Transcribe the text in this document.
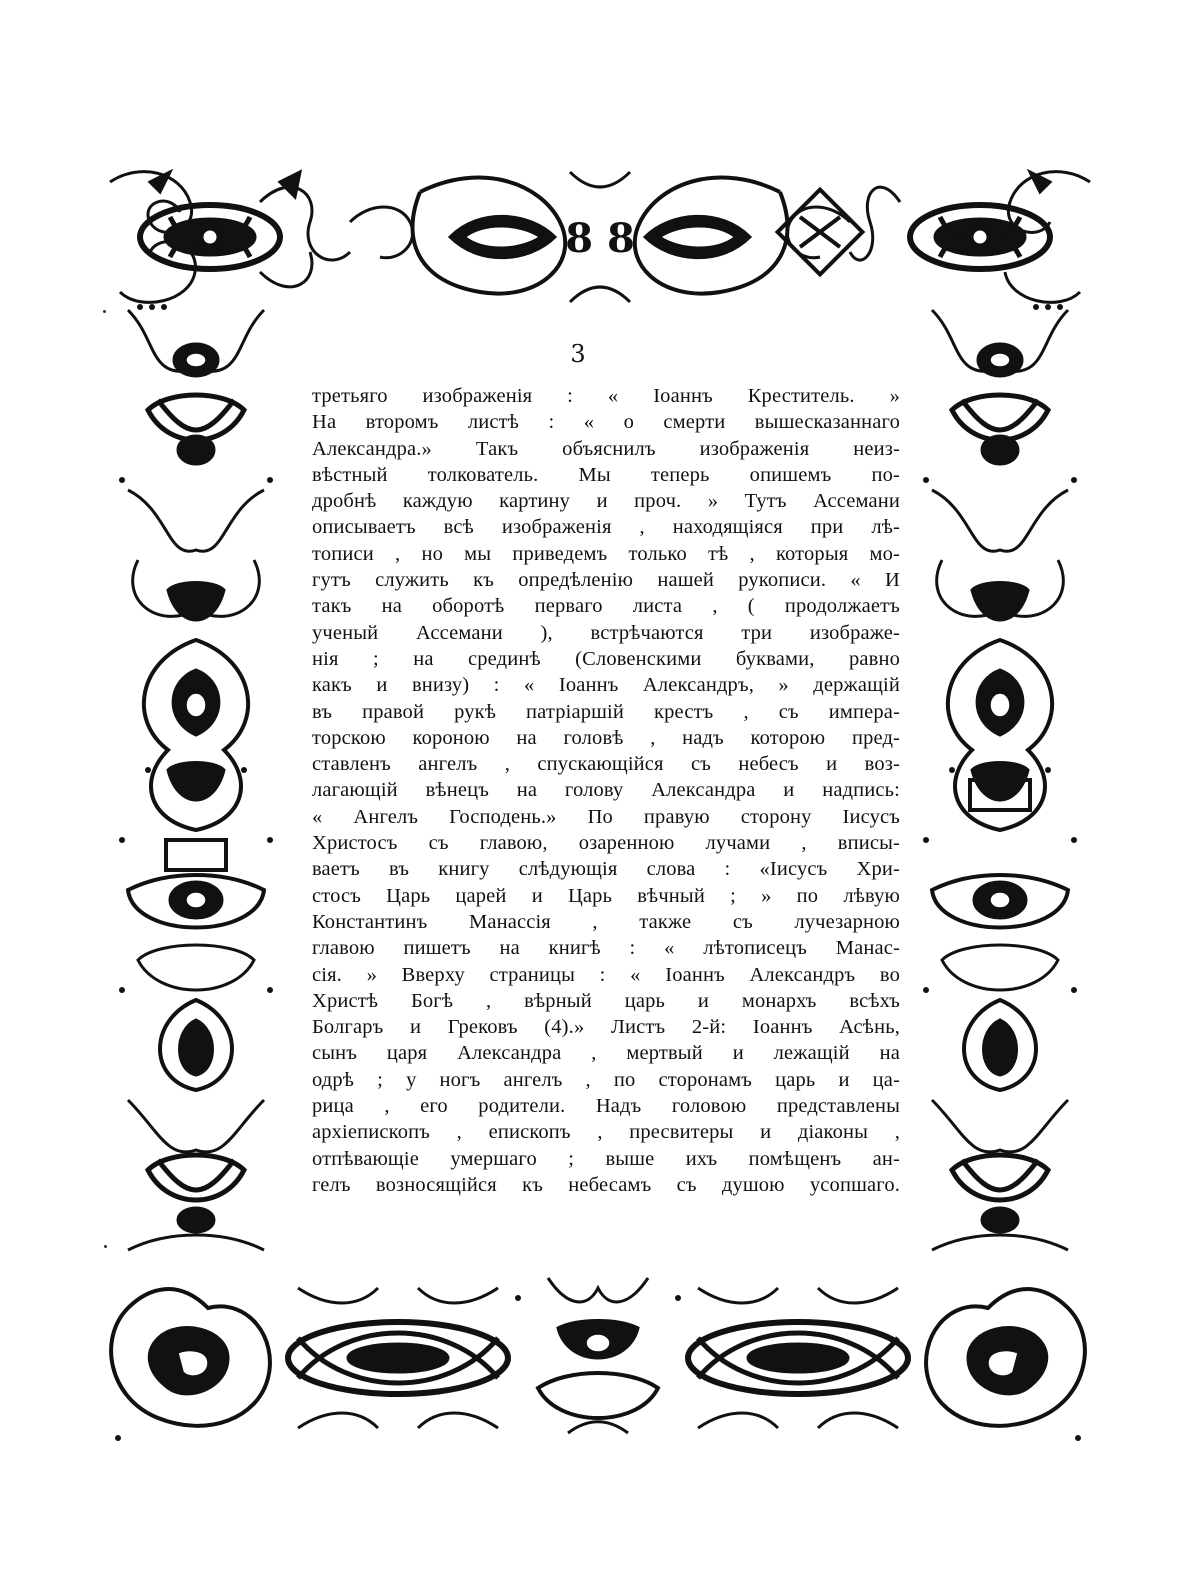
8 8
3
третьяго изображенія : « Іоаннъ Креститель. »
На второмъ листѣ : « о смерти вышесказаннаго
Александра.» Такъ объяснилъ изображенія неиз-
вѣстный толкователь. Мы теперь опишемъ по-
дробнѣ каждую картину и проч. » Тутъ Ассемани
описываетъ всѣ изображенія , находящіяся при лѣ-
тописи , но мы приведемъ только тѣ , которыя мо-
гутъ служить къ опредѣленію нашей рукописи. « И
такъ на оборотѣ перваго листа , ( продолжаетъ
ученый Ассемани ), встрѣчаются три изображе-
нія ; на срединѣ (Словенскими буквами, равно
какъ и внизу) : « Іоаннъ Александръ, » держащій
въ правой рукѣ патріаршій крестъ , съ импера-
торскою короною на головѣ , надъ которою пред-
ставленъ ангелъ , спускающійся съ небесъ и воз-
лагающій вѣнецъ на голову Александра и надпись:
« Ангелъ Господень.» По правую сторону Іисусъ
Христосъ съ главою, озаренною лучами , вписы-
ваетъ въ книгу слѣдующія слова : «Іисусъ Хри-
стосъ Царь царей и Царь вѣчный ; » по лѣвую
Константинъ Манассія , также съ лучезарною
главою пишетъ на книгѣ : « лѣтописецъ Манас-
сія. » Вверху страницы : « Іоаннъ Александръ во
Христѣ Богѣ , вѣрный царь и монархъ всѣхъ
Болгаръ и Грековъ (4).» Листъ 2-й: Іоаннъ Асѣнь,
сынъ царя Александра , мертвый и лежащій на
одрѣ ; у ногъ ангелъ , по сторонамъ царь и ца-
рица , его родители. Надъ головою представлены
архіепископъ , епископъ , пресвитеры и діаконы ,
отпѣвающіе умершаго ; выше ихъ помѣщенъ ан-
гелъ возносящійся къ небесамъ съ душою усопшаго.
